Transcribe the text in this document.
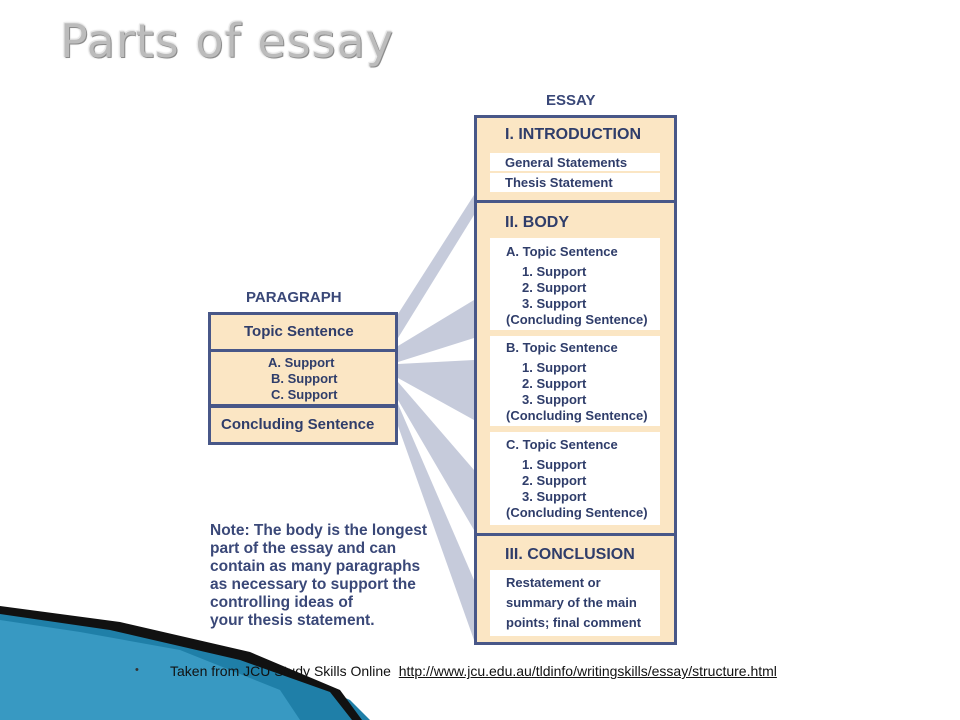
Parts of essay
ESSAY
I. INTRODUCTION
General Statements
Thesis Statement
II. BODY
A. Topic Sentence
1. Support
2. Support
3. Support
(Concluding Sentence)
B. Topic Sentence
1. Support
2. Support
3. Support
(Concluding Sentence)
C. Topic Sentence
1. Support
2. Support
3. Support
(Concluding Sentence)
III. CONCLUSION
Restatement or
summary of the main
points; final comment
PARAGRAPH
Topic Sentence
A. Support
B. Support
C. Support
Concluding Sentence
Note: The body is the longest
part of the essay and can
contain as many paragraphs
as necessary to support the
controlling ideas of
your thesis statement.
• Taken from JCU Study Skills Online http://www.jcu.edu.au/tldinfo/writingskills/essay/structure.html
